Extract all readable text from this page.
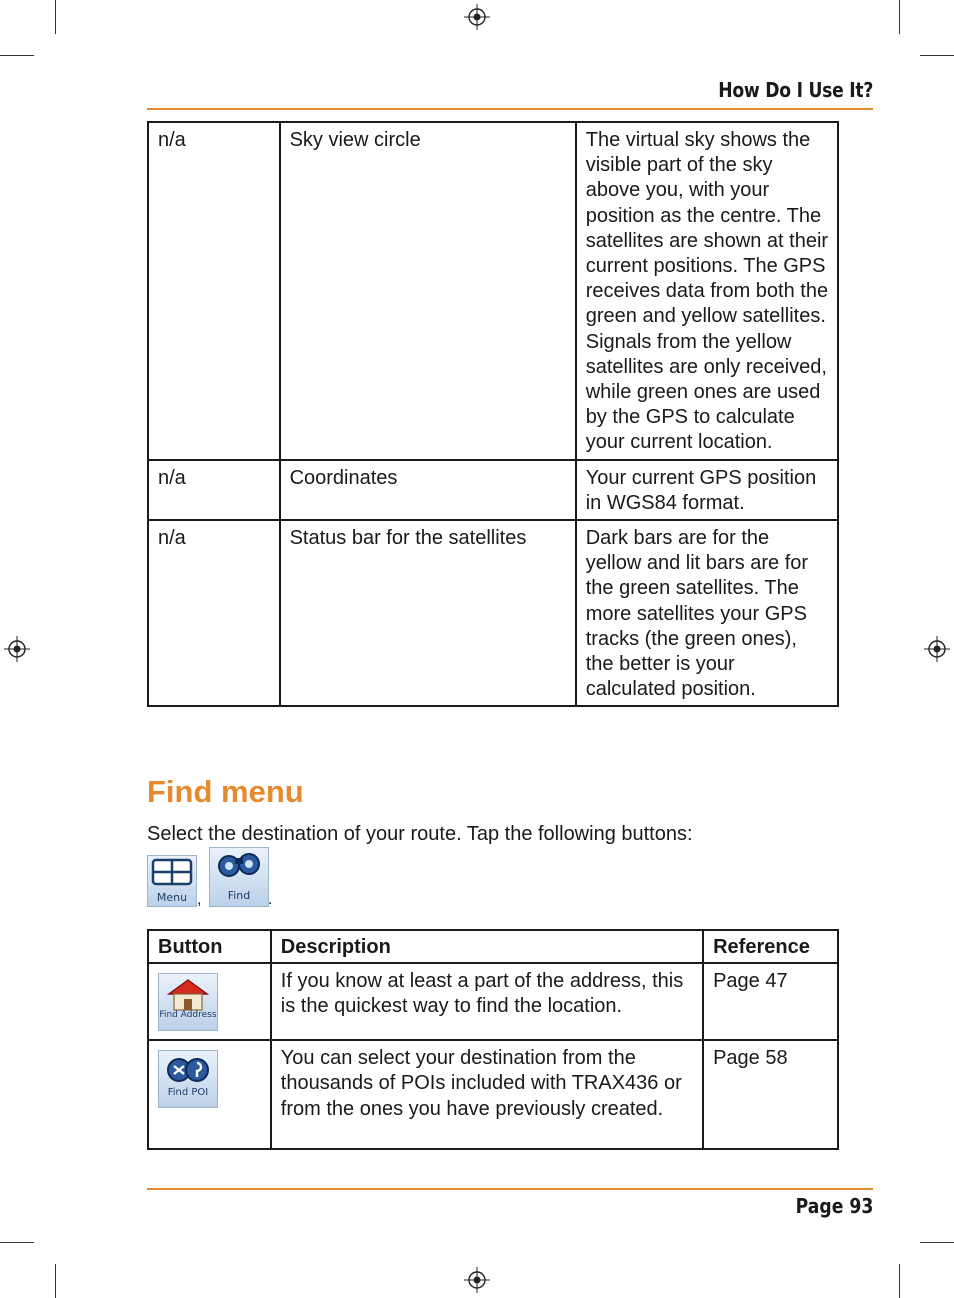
How Do I Use It?
n/a	Sky view circle	The virtual sky shows the visible part of the sky above you, with your position as the centre. The satellites are shown at their current positions. The GPS receives data from both the green and yellow satellites. Signals from the yellow satellites are only received, while green ones are used by the GPS to calculate your current location.
n/a	Coordinates	Your current GPS position in WGS84 format.
n/a	Status bar for the satellites	Dark bars are for the yellow and lit bars are for the green satellites. The more satellites your GPS tracks (the green ones), the better is your calculated position.
Find menu
Select the destination of your route. Tap the following buttons:
Menu ,	Find	.
Button	Description	Reference

Find Address	If you know at least a part of the address, this is the quickest way to find the location.	Page 47

Find POI	You can select your destination from the thousands of POIs included with TRAX436 or from the ones you have previously created.	Page 58
Page 93
